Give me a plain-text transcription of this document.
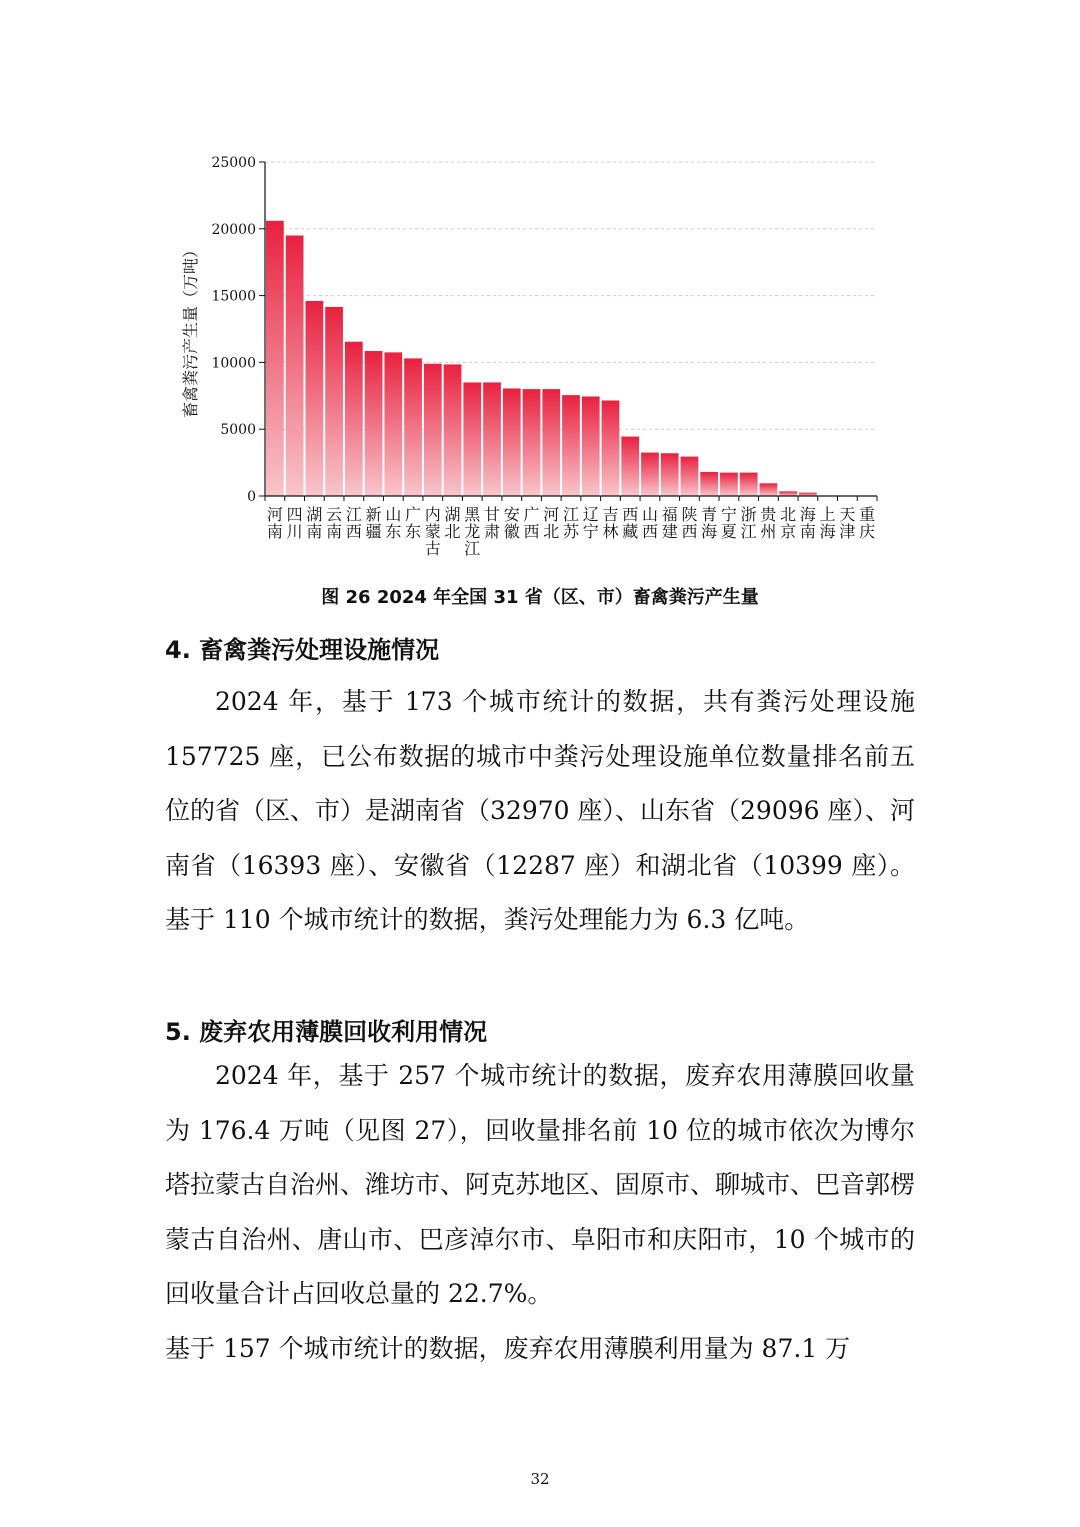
0
5000
10000
15000
20000
25000
河南
四川
湖南
云南
江西
新疆
山东
广东
内蒙古
湖北
黑龙江
甘肃
安徽
广西
河北
江苏
辽宁
吉林
西藏
山西
福建
陕西
青海
宁夏
浙江
贵州
北京
海南
上海
天津
重庆
畜禽粪污产生量（万吨）
图 26 2024 年全国 31 省（区、市）畜禽粪污产生量
4. 畜禽粪污处理设施情况

2024 年，基于 173 个城市统计的数据，共有粪污处理设施 157725 座，已公布数据的城市中粪污处理设施单位数量排名前五位的省（区、市）是湖南省（32970 座）、山东省（29096 座）、河南省（16393 座）、安徽省（12287 座）和湖北省（10399 座）。基于 110 个城市统计的数据，粪污处理能力为 6.3 亿吨。

5. 废弃农用薄膜回收利用情况

2024 年，基于 257 个城市统计的数据，废弃农用薄膜回收量为 176.4 万吨（见图 27），回收量排名前 10 位的城市依次为博尔塔拉蒙古自治州、潍坊市、阿克苏地区、固原市、聊城市、巴音郭楞蒙古自治州、唐山市、巴彦淖尔市、阜阳市和庆阳市，10 个城市的回收量合计占回收总量的 22.7%。

基于 157 个城市统计的数据，废弃农用薄膜利用量为 87.1 万

32
